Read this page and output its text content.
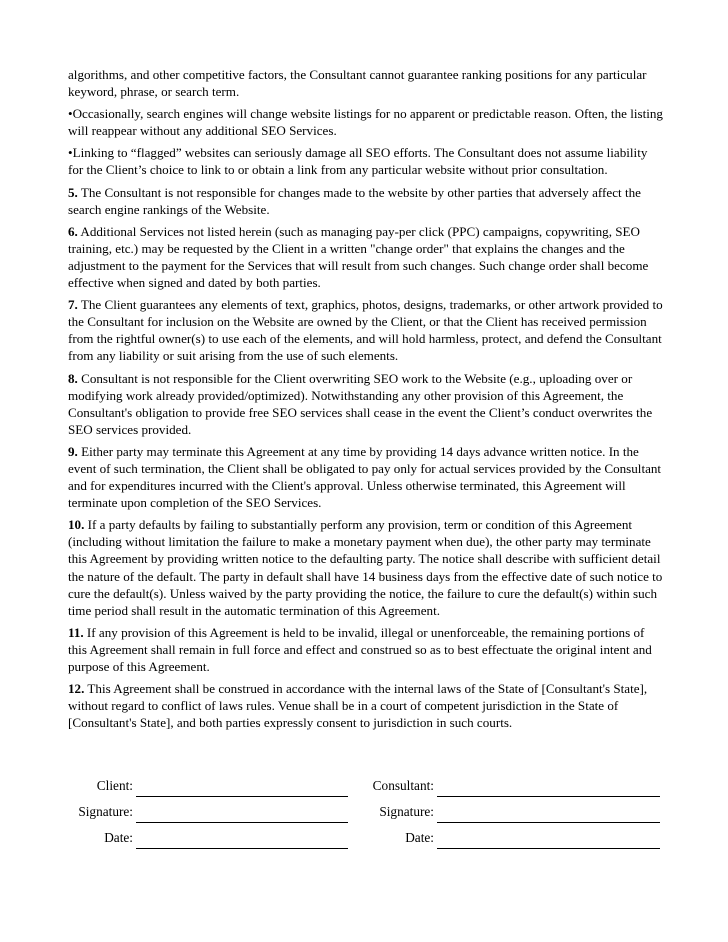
algorithms, and other competitive factors, the Consultant cannot guarantee ranking positions for any particular keyword, phrase, or search term.

•Occasionally, search engines will change website listings for no apparent or predictable reason. Often, the listing will reappear without any additional SEO Services.

•Linking to “flagged” websites can seriously damage all SEO efforts. The Consultant does not assume liability for the Client’s choice to link to or obtain a link from any particular website without prior consultation.

5. The Consultant is not responsible for changes made to the website by other parties that adversely affect the search engine rankings of the Website.

6. Additional Services not listed herein (such as managing pay-per click (PPC) campaigns, copywriting, SEO training, etc.) may be requested by the Client in a written "change order" that explains the changes and the adjustment to the payment for the Services that will result from such changes. Such change order shall become effective when signed and dated by both parties.

7. The Client guarantees any elements of text, graphics, photos, designs, trademarks, or other artwork provided to the Consultant for inclusion on the Website are owned by the Client, or that the Client has received permission from the rightful owner(s) to use each of the elements, and will hold harmless, protect, and defend the Consultant from any liability or suit arising from the use of such elements.

8. Consultant is not responsible for the Client overwriting SEO work to the Website (e.g., uploading over or modifying work already provided/optimized). Notwithstanding any other provision of this Agreement, the Consultant's obligation to provide free SEO services shall cease in the event the Client’s conduct overwrites the SEO services provided.

9. Either party may terminate this Agreement at any time by providing 14 days advance written notice. In the event of such termination, the Client shall be obligated to pay only for actual services provided by the Consultant and for expenditures incurred with the Client's approval. Unless otherwise terminated, this Agreement will terminate upon completion of the SEO Services.

10. If a party defaults by failing to substantially perform any provision, term or condition of this Agreement (including without limitation the failure to make a monetary payment when due), the other party may terminate this Agreement by providing written notice to the defaulting party. The notice shall describe with sufficient detail the nature of the default. The party in default shall have 14 business days from the effective date of such notice to cure the default(s). Unless waived by the party providing the notice, the failure to cure the default(s) within such time period shall result in the automatic termination of this Agreement.

11. If any provision of this Agreement is held to be invalid, illegal or unenforceable, the remaining portions of this Agreement shall remain in full force and effect and construed so as to best effectuate the original intent and purpose of this Agreement.

12. This Agreement shall be construed in accordance with the internal laws of the State of [Consultant's State], without regard to conflict of laws rules. Venue shall be in a court of competent jurisdiction in the State of [Consultant's State], and both parties expressly consent to jurisdiction in such courts.

Client:	Consultant:
Signature:	Signature:
Date:	Date:
